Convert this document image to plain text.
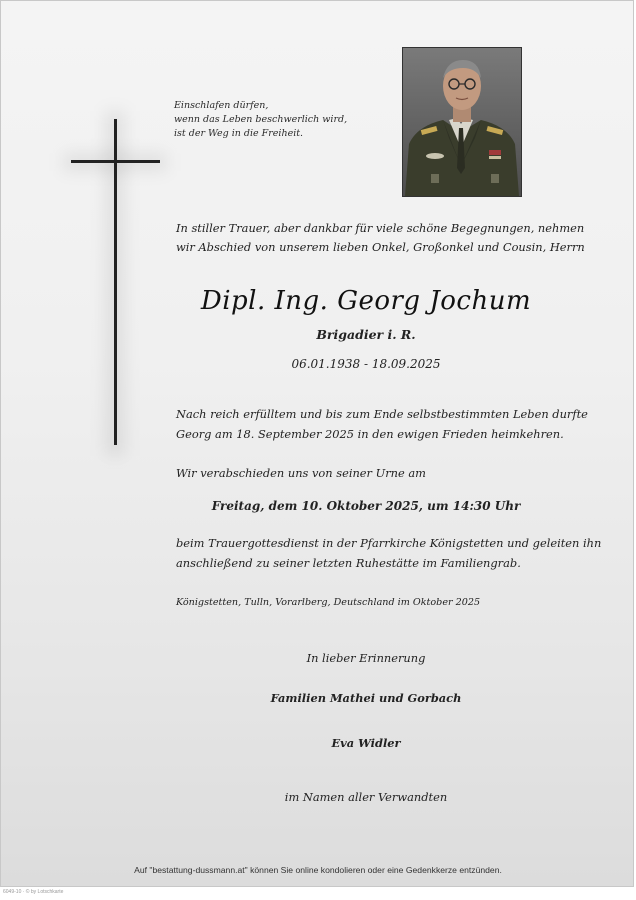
Einschlafen dürfen,
wenn das Leben beschwerlich wird,
ist der Weg in die Freiheit.
In stiller Trauer, aber dankbar für viele schöne Begegnungen, nehmen
wir Abschied von unserem lieben Onkel, Großonkel und Cousin, Herrn
Dipl. Ing. Georg Jochum
Brigadier i. R.
06.01.1938 - 18.09.2025
Nach reich erfülltem und bis zum Ende selbstbestimmten Leben durfte
Georg am 18. September 2025 in den ewigen Frieden heimkehren.
Wir verabschieden uns von seiner Urne am
Freitag, dem 10. Oktober 2025, um 14:30 Uhr
beim Trauergottesdienst in der Pfarrkirche Königstetten und geleiten ihn
anschließend zu seiner letzten Ruhestätte im Familiengrab.
Königstetten, Tulln, Vorarlberg, Deutschland im Oktober 2025
In lieber Erinnerung
Familien Mathei und Gorbach
Eva Widler
im Namen aller Verwandten
Auf "bestattung-dussmann.at" können Sie online kondolieren oder eine Gedenkkerze entzünden.
6049-10 · © by Lotschkarte
